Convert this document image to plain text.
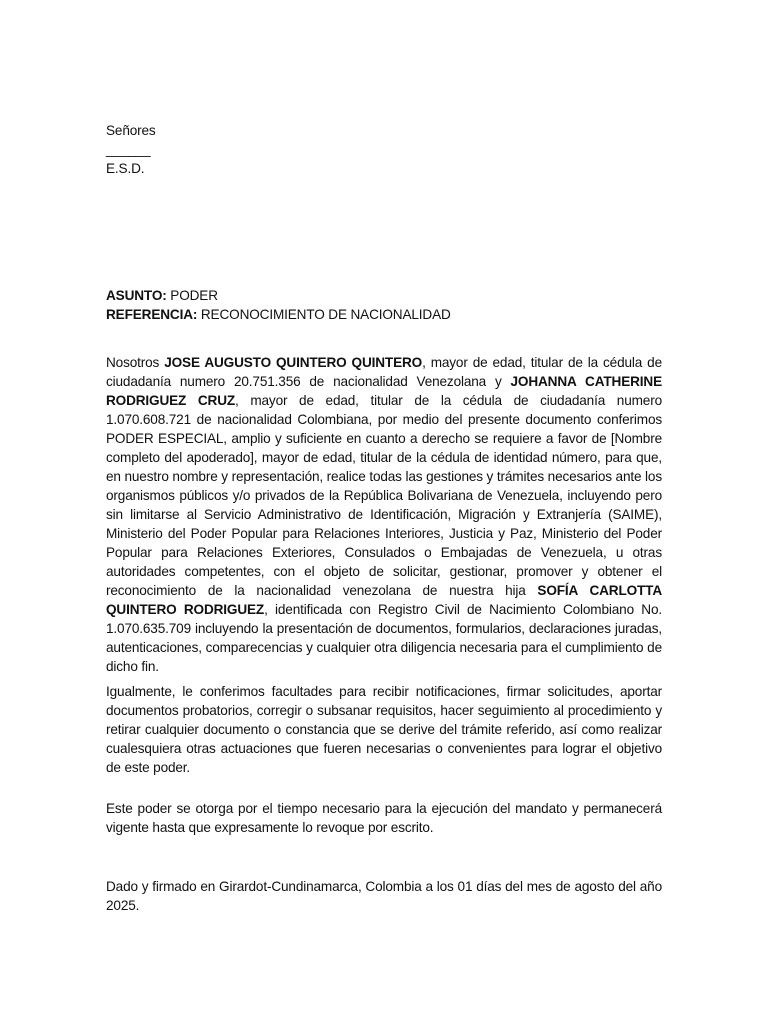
Señores
______
E.S.D.
ASUNTO: PODER
REFERENCIA: RECONOCIMIENTO DE NACIONALIDAD

Nosotros JOSE AUGUSTO QUINTERO QUINTERO, mayor de edad, titular de la cédula de ciudadanía numero 20.751.356 de nacionalidad Venezolana y JOHANNA CATHERINE RODRIGUEZ CRUZ, mayor de edad, titular de la cédula de ciudadanía numero 1.070.608.721 de nacionalidad Colombiana, por medio del presente documento conferimos PODER ESPECIAL, amplio y suficiente en cuanto a derecho se requiere a favor de [Nombre completo del apoderado], mayor de edad, titular de la cédula de identidad número, para que, en nuestro nombre y representación, realice todas las gestiones y trámites necesarios ante los organismos públicos y/o privados de la República Bolivariana de Venezuela, incluyendo pero sin limitarse al Servicio Administrativo de Identificación, Migración y Extranjería (SAIME), Ministerio del Poder Popular para Relaciones Interiores, Justicia y Paz, Ministerio del Poder Popular para Relaciones Exteriores, Consulados o Embajadas de Venezuela, u otras autoridades competentes, con el objeto de solicitar, gestionar, promover y obtener el reconocimiento de la nacionalidad venezolana de nuestra hija SOFÍA CARLOTTA QUINTERO RODRIGUEZ, identificada con Registro Civil de Nacimiento Colombiano No. 1.070.635.709 incluyendo la presentación de documentos, formularios, declaraciones juradas, autenticaciones, comparecencias y cualquier otra diligencia necesaria para el cumplimiento de dicho fin.

Igualmente, le conferimos facultades para recibir notificaciones, firmar solicitudes, aportar documentos probatorios, corregir o subsanar requisitos, hacer seguimiento al procedimiento y retirar cualquier documento o constancia que se derive del trámite referido, así como realizar cualesquiera otras actuaciones que fueren necesarias o convenientes para lograr el objetivo de este poder.

Este poder se otorga por el tiempo necesario para la ejecución del mandato y permanecerá vigente hasta que expresamente lo revoque por escrito.

Dado y firmado en Girardot-Cundinamarca, Colombia a los 01 días del mes de agosto del año 2025.
